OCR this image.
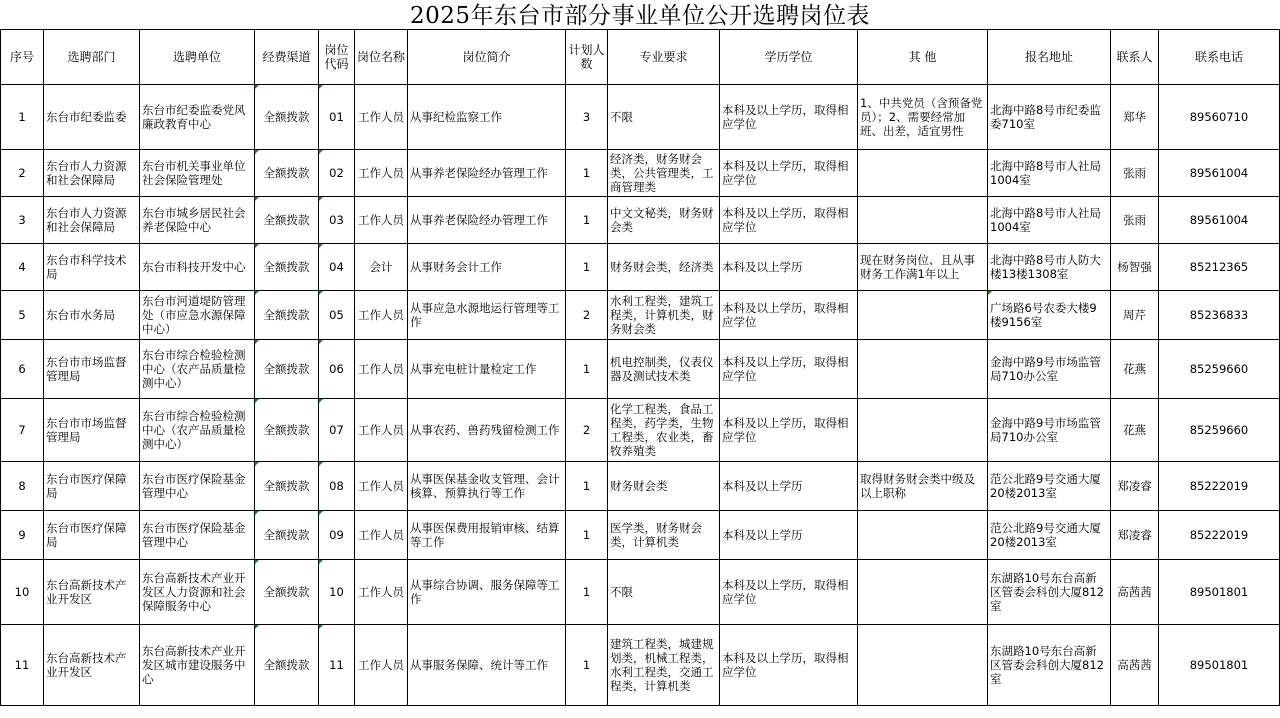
2025年东台市部分事业单位公开选聘岗位表
序号	选聘部门	选聘单位	经费渠道	岗位代码	岗位名称	岗位简介	计划人数	专业要求	学历学位	其 他	报名地址	联系人	联系电话
1	东台市纪委监委	东台市纪委监委党风廉政教育中心	全额拨款	01	工作人员	从事纪检监察工作	3	不限	本科及以上学历，取得相应学位	1、中共党员（含预备党员）；2、需要经常加班、出差，适宜男性	北海中路8号市纪委监委710室	郑华	89560710
2	东台市人力资源和社会保障局	东台市机关事业单位社会保险管理处	全额拨款	02	工作人员	从事养老保险经办管理工作	1	经济类，财务财会类，公共管理类，工商管理类	本科及以上学历，取得相应学位		北海中路8号市人社局1004室	张雨	89561004
3	东台市人力资源和社会保障局	东台市城乡居民社会养老保险中心	全额拨款	03	工作人员	从事养老保险经办管理工作	1	中文文秘类，财务财会类	本科及以上学历，取得相应学位		北海中路8号市人社局1004室	张雨	89561004
4	东台市科学技术局	东台市科技开发中心	全额拨款	04	会计	从事财务会计工作	1	财务财会类，经济类	本科及以上学历	现在财务岗位、且从事财务工作满1年以上	北海中路8号市人防大楼13楼1308室	杨智强	85212365
5	东台市水务局	东台市河道堤防管理处（市应急水源保障中心）	全额拨款	05	工作人员	从事应急水源地运行管理等工作	2	水利工程类，建筑工程类，计算机类，财务财会类	本科及以上学历，取得相应学位		广场路6号农委大楼9楼9156室	周芹	85236833
6	东台市市场监督管理局	东台市综合检验检测中心（农产品质量检测中心）	全额拨款	06	工作人员	从事充电桩计量检定工作	1	机电控制类，仪表仪器及测试技术类	本科及以上学历，取得相应学位		金海中路9号市场监管局710办公室	花燕	85259660
7	东台市市场监督管理局	东台市综合检验检测中心（农产品质量检测中心）	全额拨款	07	工作人员	从事农药、兽药残留检测工作	2	化学工程类，食品工程类，药学类，生物工程类，农业类，畜牧养殖类	本科及以上学历，取得相应学位		金海中路9号市场监管局710办公室	花燕	85259660
8	东台市医疗保障局	东台市医疗保险基金管理中心	全额拨款	08	工作人员	从事医保基金收支管理、会计核算、预算执行等工作	1	财务财会类	本科及以上学历	取得财务财会类中级及以上职称	范公北路9号交通大厦20楼2013室	郑凌睿	85222019
9	东台市医疗保障局	东台市医疗保险基金管理中心	全额拨款	09	工作人员	从事医保费用报销审核、结算等工作	1	医学类，财务财会类，计算机类	本科及以上学历		范公北路9号交通大厦20楼2013室	郑凌睿	85222019
10	东台高新技术产业开发区	东台高新技术产业开发区人力资源和社会保障服务中心	全额拨款	10	工作人员	从事综合协调、服务保障等工作	1	不限	本科及以上学历，取得相应学位		东湖路10号东台高新区管委会科创大厦812室	高茜茜	89501801
11	东台高新技术产业开发区	东台高新技术产业开发区城市建设服务中心	全额拨款	11	工作人员	从事服务保障、统计等工作	1	建筑工程类，城建规划类，机械工程类，水利工程类，交通工程类，计算机类	本科及以上学历，取得相应学位		东湖路10号东台高新区管委会科创大厦812室	高茜茜	89501801
